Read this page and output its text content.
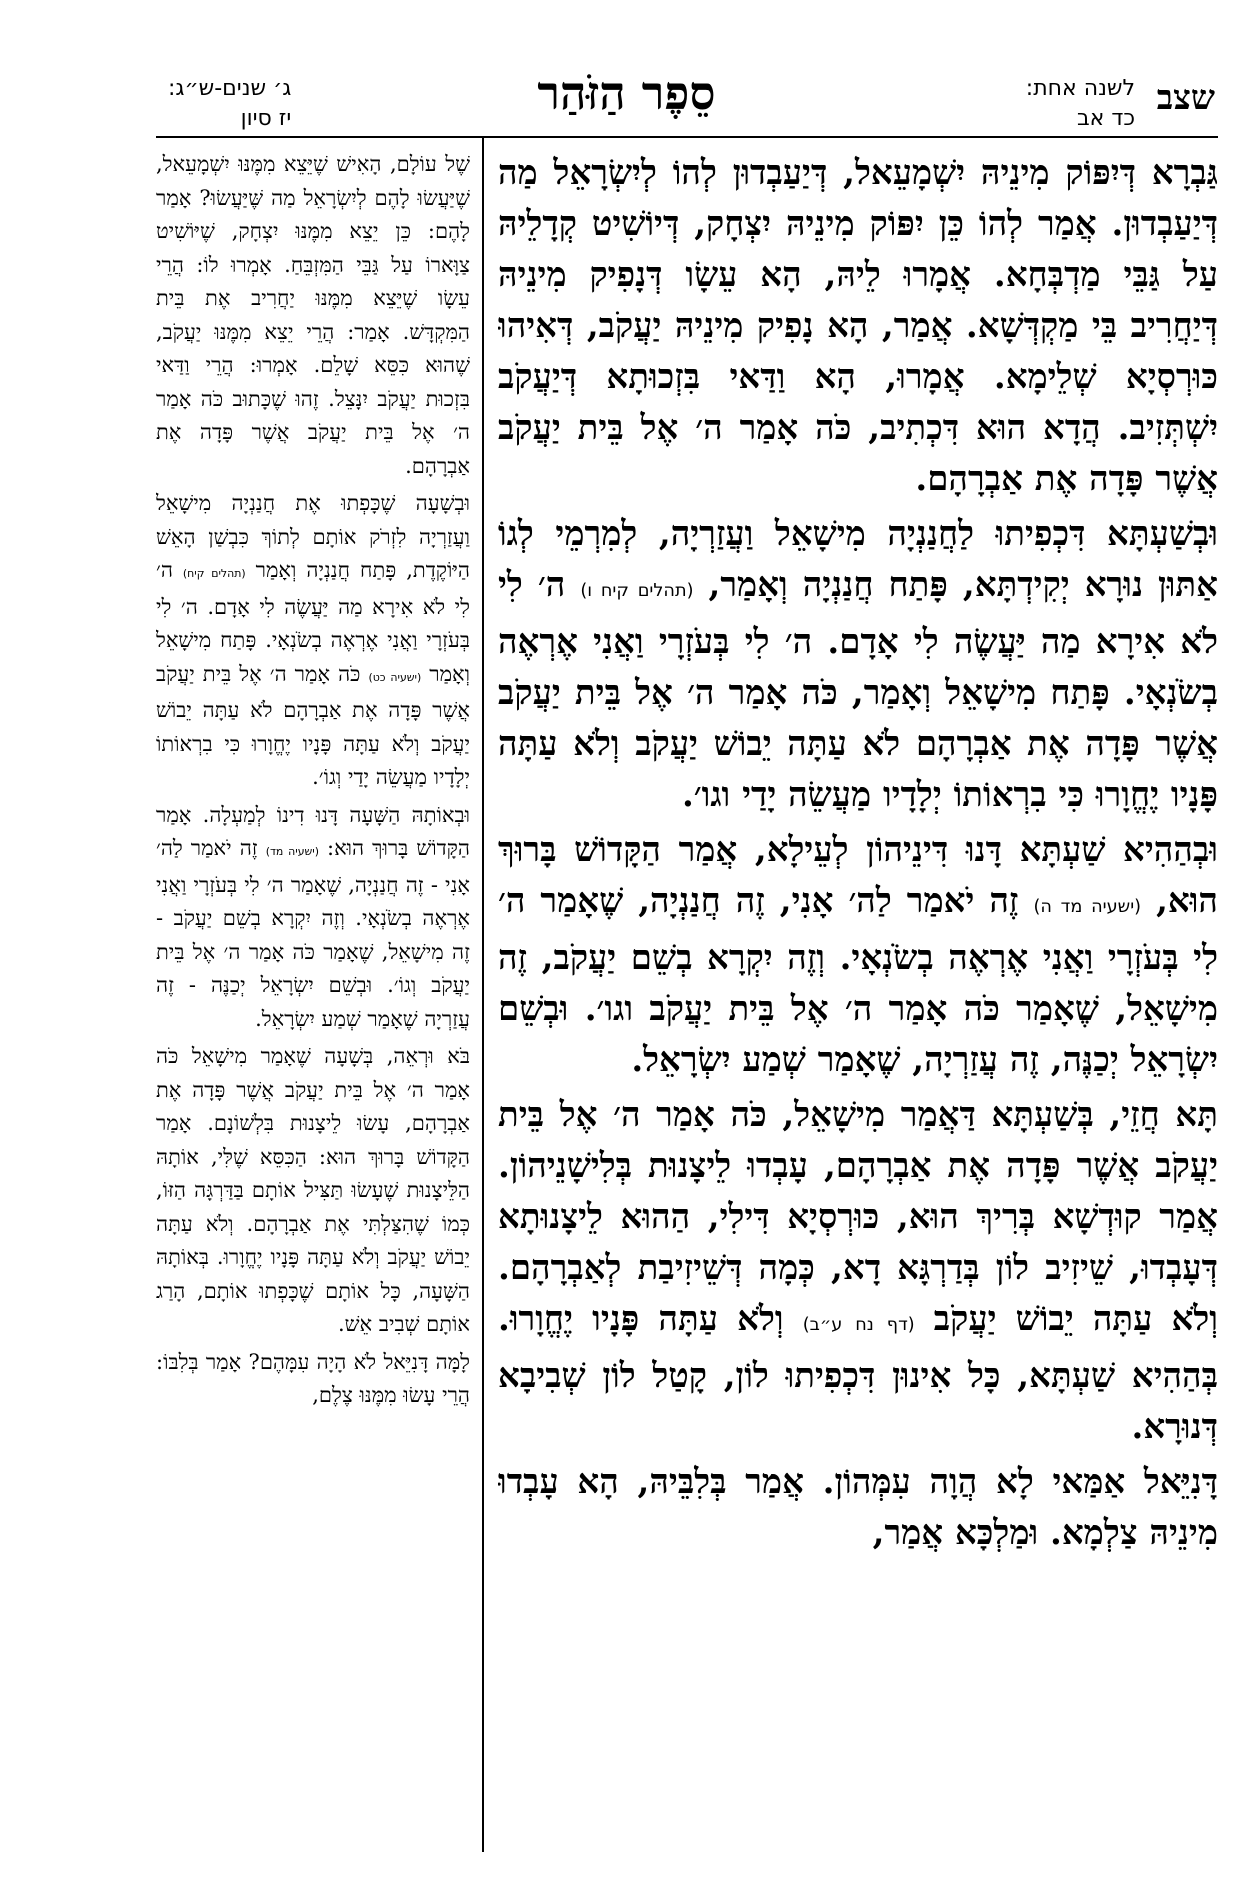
שצב
לשנה אחת:
כד אב
סֵפֶר הַזֹּהַר
ג׳ שנים-ש״ג:
יז סיון

גַּבְרָא דְּיִפּוֹק מִינֵיהּ יִשְׁמָעֵאל, דְּיַעַבְדוּן לְהוֹ לְיִשְׂרָאֵל מַה דְּיַעַבְדוּן. אֲמַר לְהוֹ כֵּן יִפּוֹק מִינֵיהּ יִצְחָק, דְּיוֹשִׁיט קְדָלֵיהּ עַל גַּבֵּי מַדְבְּחָא. אֲמָרוּ לֵיהּ, הָא עֵשָׂו דְּנָפִיק מִינֵיהּ דְּיַחֲרִיב בֵּי מַקְדְּשָׁא. אֲמַר, הָא נָפִיק מִינֵיהּ יַעֲקֹב, דְּאִיהוּ כּוּרְסְיָא שְׁלֵימָא. אֲמָרוּ, הָא וַדַּאי בִּזְכוּתָא דְּיַעֲקֹב יִשְׁתְּזִיב. הֲדָא הוּא דִּכְתִיב, כֹּה אָמַר ה׳ אֶל בֵּית יַעֲקֹב אֲשֶׁר פָּדָה אֶת אַבְרָהָם.

וּבְשַׁעְתָּא דִּכְפִיתוּ לַחֲנַנְיָה מִישָׁאֵל וַעֲזַרְיָה, לְמִרְמֵי לְגוֹ אַתּוּן נוּרָא יְקִידְתָּא, פָּתַח חֲנַנְיָה וְאָמַר, (תהלים קיח ו) ה׳ לִי לֹא אִירָא מַה יַּעֲשֶׂה לִי אָדָם. ה׳ לִי בְּעֹזְרָי וַאֲנִי אֶרְאֶה בְשֹׂנְאָי. פָּתַח מִישָׁאֵל וְאָמַר, כֹּה אָמַר ה׳ אֶל בֵּית יַעֲקֹב אֲשֶׁר פָּדָה אֶת אַבְרָהָם לֹא עַתָּה יֵבוֹשׁ יַעֲקֹב וְלֹא עַתָּה פָּנָיו יֶחֱוָרוּ כִּי בִרְאוֹתוֹ יְלָדָיו מַעֲשֵׂה יָדַי וגו׳.

וּבְהַהִיא שַׁעְתָּא דָּנוּ דִּינֵיהוֹן לְעֵילָא, אֲמַר הַקָּדוֹשׁ בָּרוּךְ הוּא, (ישעיה מד ה) זֶה יֹאמַר לַה׳ אָנִי, זֶה חֲנַנְיָה, שֶׁאָמַר ה׳ לִי בְּעֹזְרָי וַאֲנִי אֶרְאֶה בְשֹׂנְאָי. וְזֶה יִקְרָא בְשֵׁם יַעֲקֹב, זֶה מִישָׁאֵל, שֶׁאָמַר כֹּה אָמַר ה׳ אֶל בֵּית יַעֲקֹב וגו׳. וּבְשֵׁם יִשְׂרָאֵל יְכַנֶּה, זֶה עֲזַרְיָה, שֶׁאָמַר שְׁמַע יִשְׂרָאֵל.

תָּא חֲזֵי, בְּשַׁעְתָּא דַּאֲמַר מִישָׁאֵל, כֹּה אָמַר ה׳ אֶל בֵּית יַעֲקֹב אֲשֶׁר פָּדָה אֶת אַבְרָהָם, עָבְדוּ לֵיצָנוּת בְּלִישָׁנֵיהוֹן. אֲמַר קוּדְשָׁא בְּרִיךְ הוּא, כּוּרְסְיָא דִּילִי, הַהוּא לֵיצָנוּתָא דְּעָבְדוּ, שֵׁיזִיב לוֹן בְּדַרְגָּא דָא, כְּמָה דְּשֵׁיזִיבַת לְאַבְרָהָם. וְלֹא עַתָּה יֵבוֹשׁ יַעֲקֹב (דף נח ע״ב) וְלֹא עַתָּה פָּנָיו יֶחֱוָרוּ. בְּהַהִיא שַׁעְתָּא, כָּל אִינוּן דִּכְפִיתוּ לוֹן, קָטַל לוֹן שְׁבִיבָא דְּנוּרָא.

דָּנִיֵּאל אַמַּאי לָא הֲוָה עִמְּהוֹן. אֲמַר בְּלִבֵּיהּ, הָא עָבְדוּ מִינֵיהּ צַלְמָא. וּמַלְכָּא אֲמַר,

שֶׁל עוֹלָם, הָאִישׁ שֶׁיֵּצֵא מִמֶּנּוּ יִשְׁמָעֵאל, שֶׁיַּעֲשׂוּ לָהֶם לְיִשְׂרָאֵל מַה שֶּׁיַּעֲשׂוּ? אָמַר לָהֶם: כֵּן יֵצֵא מִמֶּנּוּ יִצְחָק, שֶׁיּוֹשִׁיט צַוָּארוֹ עַל גַּבֵּי הַמִּזְבֵּחַ. אָמְרוּ לוֹ: הֲרֵי עֵשָׂו שֶׁיֵּצֵא מִמֶּנּוּ יַחֲרִיב אֶת בֵּית הַמִּקְדָּשׁ. אָמַר: הֲרֵי יֵצֵא מִמֶּנּוּ יַעֲקֹב, שֶׁהוּא כִּסֵּא שָׁלֵם. אָמְרוּ: הֲרֵי וַדַּאי בִּזְכוּת יַעֲקֹב יִנָּצֵל. זֶהוּ שֶׁכָּתוּב כֹּה אָמַר ה׳ אֶל בֵּית יַעֲקֹב אֲשֶׁר פָּדָה אֶת אַבְרָהָם.

וּבְשָׁעָה שֶׁכָּפְתוּ אֶת חֲנַנְיָה מִישָׁאֵל וַעֲזַרְיָה לִזְרֹק אוֹתָם לְתוֹךְ כִּבְשַׁן הָאֵשׁ הַיּוֹקֶדֶת, פָּתַח חֲנַנְיָה וְאָמַר (תהלים קיח) ה׳ לִי לֹא אִירָא מַה יַּעֲשֶׂה לִי אָדָם. ה׳ לִי בְּעֹזְרָי וַאֲנִי אֶרְאֶה בְשֹׂנְאָי. פָּתַח מִישָׁאֵל וְאָמַר (ישעיה כט) כֹּה אָמַר ה׳ אֶל בֵּית יַעֲקֹב אֲשֶׁר פָּדָה אֶת אַבְרָהָם לֹא עַתָּה יֵבוֹשׁ יַעֲקֹב וְלֹא עַתָּה פָּנָיו יֶחֱוָרוּ כִּי בִרְאוֹתוֹ יְלָדָיו מַעֲשֵׂה יָדַי וְגוֹ׳.

וּבְאוֹתָהּ הַשָּׁעָה דָּנוּ דִינוֹ לְמַעְלָה. אָמַר הַקָּדוֹשׁ בָּרוּךְ הוּא: (ישעיה מד) זֶה יֹאמַר לַה׳ אָנִי - זֶה חֲנַנְיָה, שֶׁאָמַר ה׳ לִי בְּעֹזְרָי וַאֲנִי אֶרְאֶה בְשֹׂנְאָי. וְזֶה יִקְרָא בְשֵׁם יַעֲקֹב - זֶה מִישָׁאֵל, שֶׁאָמַר כֹּה אָמַר ה׳ אֶל בֵּית יַעֲקֹב וְגוֹ׳. וּבְשֵׁם יִשְׂרָאֵל יְכַנֶּה - זֶה עֲזַרְיָה שֶׁאָמַר שְׁמַע יִשְׂרָאֵל.

בֹּא וּרְאֵה, בְּשָׁעָה שֶׁאָמַר מִישָׁאֵל כֹּה אָמַר ה׳ אֶל בֵּית יַעֲקֹב אֲשֶׁר פָּדָה אֶת אַבְרָהָם, עָשׂוּ לֵיצָנוּת בִּלְשׁוֹנָם. אָמַר הַקָּדוֹשׁ בָּרוּךְ הוּא: הַכִּסֵּא שֶׁלִּי, אוֹתָהּ הַלֵּיצָנוּת שֶׁעָשׂוּ תַּצִּיל אוֹתָם בַּדַּרְגָּה הַזּוֹ, כְּמוֹ שֶׁהִצַּלְתִּי אֶת אַבְרָהָם. וְלֹא עַתָּה יֵבוֹשׁ יַעֲקֹב וְלֹא עַתָּה פָּנָיו יֶחֱוָרוּ. בְּאוֹתָהּ הַשָּׁעָה, כָּל אוֹתָם שֶׁכָּפְתוּ אוֹתָם, הָרַג אוֹתָם שְׁבִיב אֵשׁ.

לָמָּה דָּנִיֵּאל לֹא הָיָה עִמָּהֶם? אָמַר בְּלִבּוֹ: הֲרֵי עָשׂוּ מִמֶּנּוּ צֶלֶם,
